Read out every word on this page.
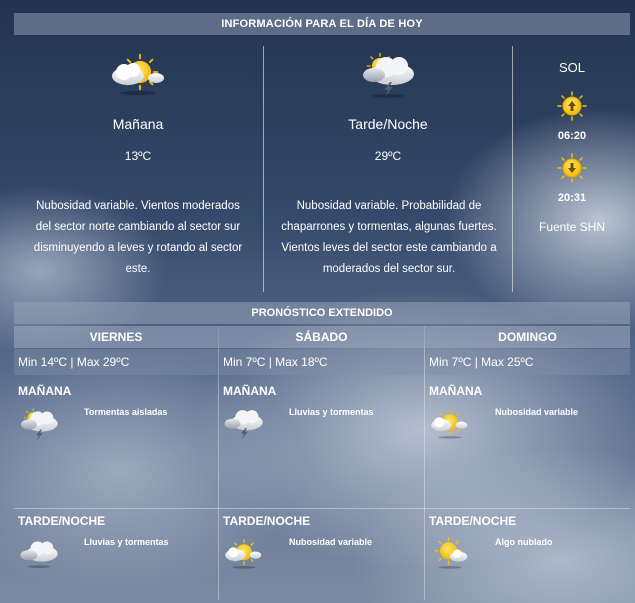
INFORMACIÓN PARA EL DÍA DE HOY
Mañana
13ºC
Nubosidad variable. Vientos moderados del sector norte cambiando al sector sur disminuyendo a leves y rotando al sector este.
Tarde/Noche
29ºC
Nubosidad variable. Probabilidad de chaparrones y tormentas, algunas fuertes. Vientos leves del sector este cambiando a moderados del sector sur.
SOL
06:20
20:31
Fuente SHN
PRONÓSTICO EXTENDIDO
VIERNES
Min 14ºC | Max 29ºC
MAÑANA
Tormentas aisladas
TARDE/NOCHE
Lluvias y tormentas
SÁBADO
Min 7ºC | Max 18ºC
MAÑANA
Lluvias y tormentas
TARDE/NOCHE
Nubosidad variable
DOMINGO
Min 7ºC | Max 25ºC
MAÑANA
Nubosidad variable
TARDE/NOCHE
Algo nublado
